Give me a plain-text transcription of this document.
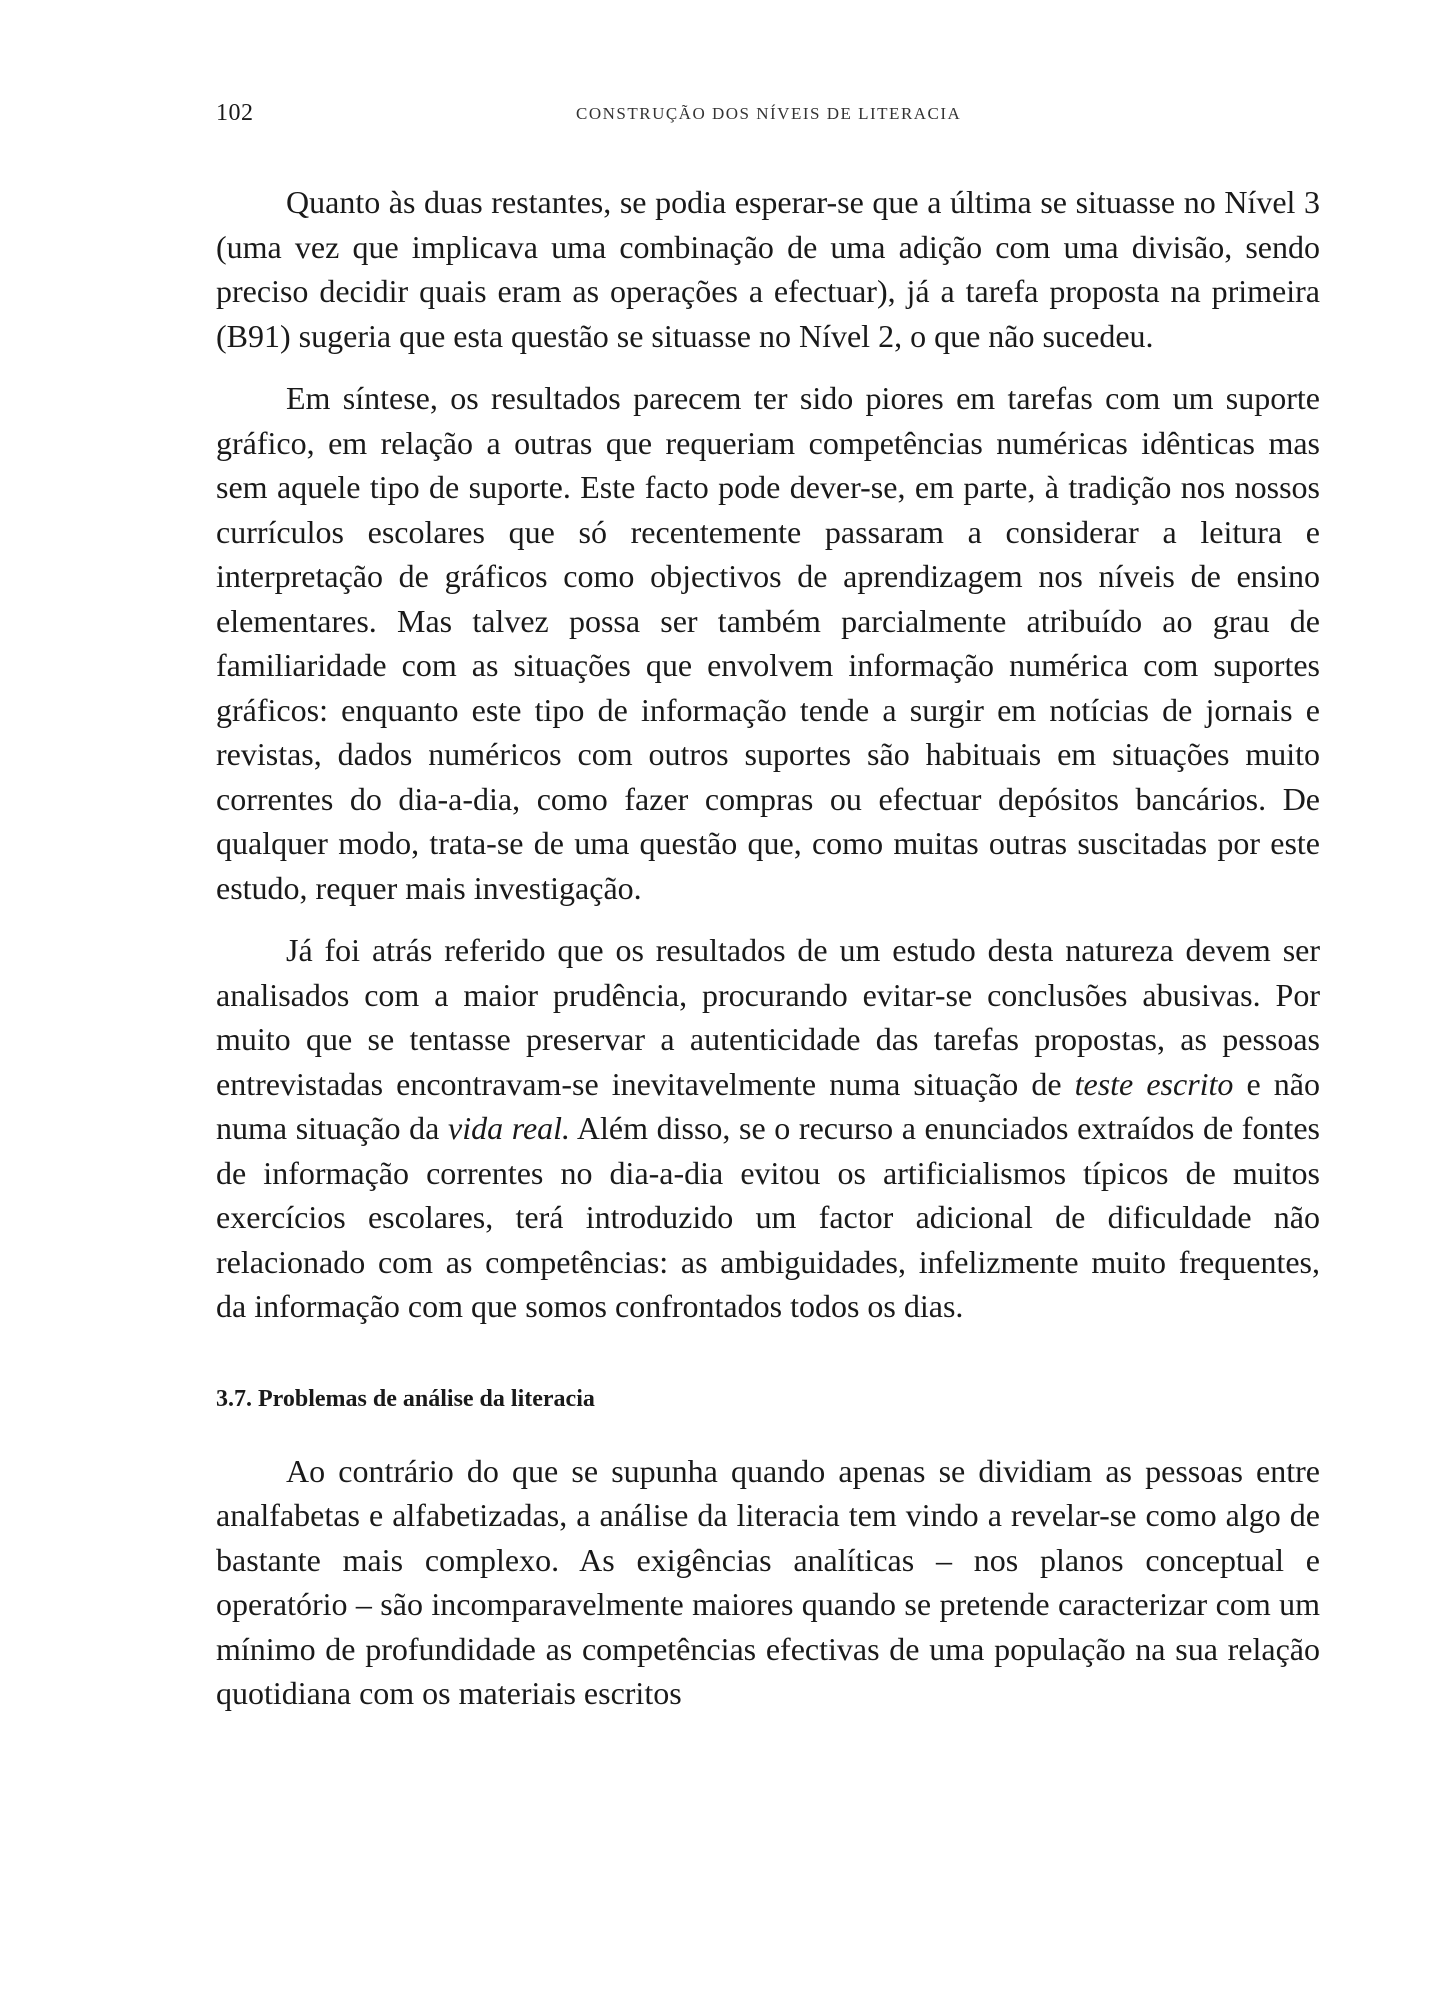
102	CONSTRUÇÃO DOS NÍVEIS DE LITERACIA

Quanto às duas restantes, se podia esperar-se que a última se situasse no Nível 3 (uma vez que implicava uma combinação de uma adição com uma divisão, sendo preciso decidir quais eram as operações a efectuar), já a tarefa proposta na primeira (B91) sugeria que esta questão se situasse no Nível 2, o que não sucedeu.

Em síntese, os resultados parecem ter sido piores em tarefas com um suporte gráfico, em relação a outras que requeriam competências numéricas idênticas mas sem aquele tipo de suporte. Este facto pode dever-se, em parte, à tradição nos nossos currículos escolares que só recentemente passaram a considerar a leitura e interpretação de gráficos como objectivos de aprendizagem nos níveis de ensino elementares. Mas talvez possa ser também parcialmente atribuído ao grau de familiaridade com as situações que envolvem informação numérica com suportes gráficos: enquanto este tipo de informação tende a surgir em notícias de jornais e revistas, dados numéricos com outros suportes são habituais em situações muito correntes do dia-a-dia, como fazer compras ou efectuar depósitos bancários. De qualquer modo, trata-se de uma questão que, como muitas outras suscitadas por este estudo, requer mais investigação.

Já foi atrás referido que os resultados de um estudo desta natureza devem ser analisados com a maior prudência, procurando evitar-se conclusões abusivas. Por muito que se tentasse preservar a autenticidade das tarefas propostas, as pessoas entrevistadas encontravam-se inevitavelmente numa situação de teste escrito e não numa situação da vida real. Além disso, se o recurso a enunciados extraídos de fontes de informação correntes no dia-a-dia evitou os artificialismos típicos de muitos exercícios escolares, terá introduzido um factor adicional de dificuldade não relacionado com as competências: as ambiguidades, infelizmente muito frequentes, da informação com que somos confrontados todos os dias.

3.7. Problemas de análise da literacia

Ao contrário do que se supunha quando apenas se dividiam as pessoas entre analfabetas e alfabetizadas, a análise da literacia tem vindo a revelar-se como algo de bastante mais complexo. As exigências analíticas – nos planos conceptual e operatório – são incomparavelmente maiores quando se pretende caracterizar com um mínimo de profundidade as competências efectivas de uma população na sua relação quotidiana com os materiais escritos
